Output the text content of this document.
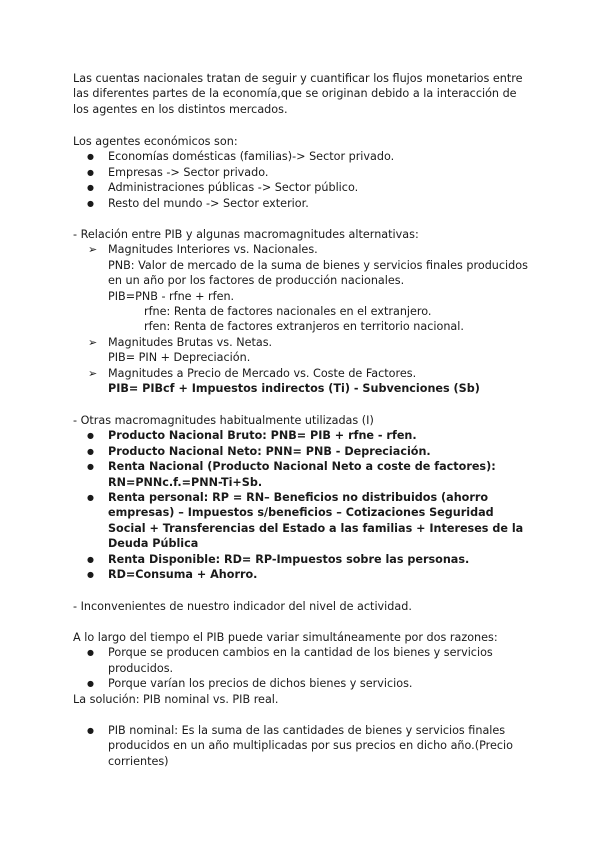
Las cuentas nacionales tratan de seguir y cuantificar los flujos monetarios entre

las diferentes partes de la economía,que se originan debido a la interacción de

los agentes en los distintos mercados.

Los agentes económicos son:

● Economías domésticas (familias)-> Sector privado.
● Empresas -> Sector privado.
● Administraciones públicas -> Sector público.
● Resto del mundo -> Sector exterior.

- Relación entre PIB y algunas macromagnitudes alternativas:

➢ Magnitudes Interiores vs. Nacionales.

PNB: Valor de mercado de la suma de bienes y servicios finales producidos

en un año por los factores de producción nacionales.

PIB=PNB - rfne + rfen.

rfne: Renta de factores nacionales en el extranjero.

rfen: Renta de factores extranjeros en territorio nacional.

➢ Magnitudes Brutas vs. Netas.

PIB= PIN + Depreciación.

➢ Magnitudes a Precio de Mercado vs. Coste de Factores.

PIB= PIBcf + Impuestos indirectos (Ti) - Subvenciones (Sb)

- Otras macromagnitudes habitualmente utilizadas (I)

● Producto Nacional Bruto: PNB= PIB + rfne - rfen.
● Producto Nacional Neto: PNN= PNB - Depreciación.
● Renta Nacional (Producto Nacional Neto a coste de factores):
RN=PNNc.f.=PNN-Ti+Sb.
● Renta personal: RP = RN– Beneficios no distribuidos (ahorro
empresas) – Impuestos s/beneficios – Cotizaciones Seguridad
Social + Transferencias del Estado a las familias + Intereses de la
Deuda Pública
● Renta Disponible: RD= RP-Impuestos sobre las personas.
● RD=Consuma + Ahorro.

- Inconvenientes de nuestro indicador del nivel de actividad.

A lo largo del tiempo el PIB puede variar simultáneamente por dos razones:

● Porque se producen cambios en la cantidad de los bienes y servicios
producidos.
● Porque varían los precios de dichos bienes y servicios.

La solución: PIB nominal vs. PIB real.

● PIB nominal: Es la suma de las cantidades de bienes y servicios finales
producidos en un año multiplicadas por sus precios en dicho año.(Precio
corrientes)
